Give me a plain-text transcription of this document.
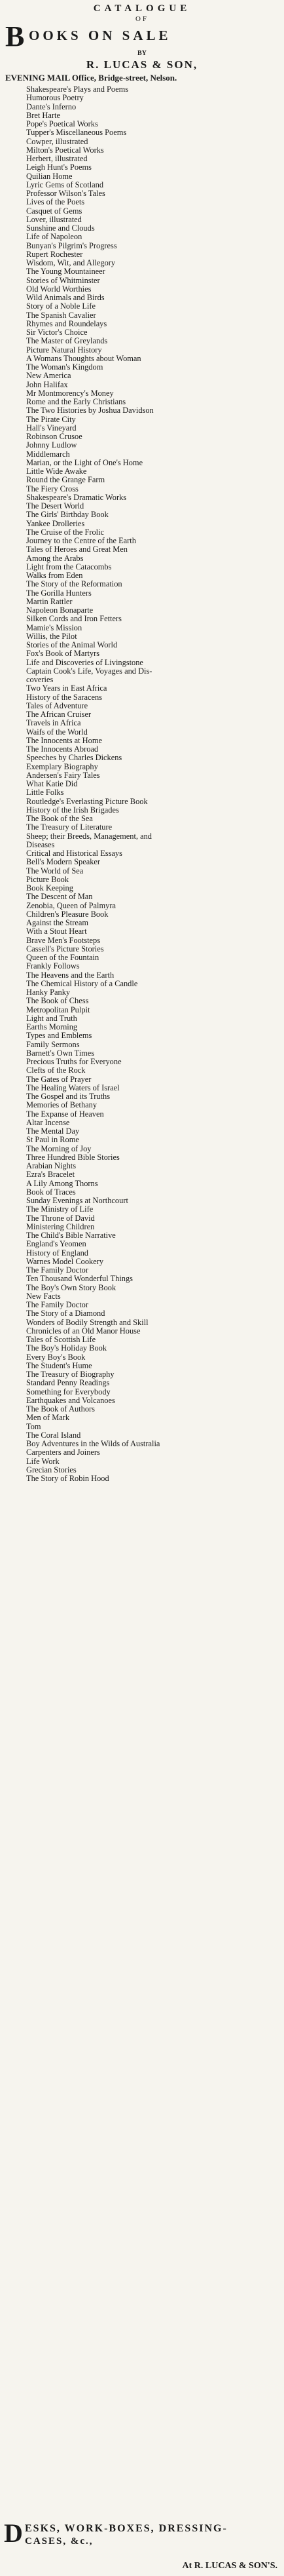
CATALOGUE
OF
B OOKS ON SALE
BY
R. LUCAS & SON,
EVENING MAIL Office, Bridge-street, Nelson.
Shakespeare's Plays and Poems
Humorous Poetry
Dante's Inferno
Bret Harte
Pope's Poetical Works
Tupper's Miscellaneous Poems
Cowper, illustrated
Milton's Poetical Works
Herbert, illustrated
Leigh Hunt's Poems
Quilian Home
Lyric Gems of Scotland
Professor Wilson's Tales
Lives of the Poets
Casquet of Gems
Lover, illustrated
Sunshine and Clouds
Life of Napoleon
Bunyan's Pilgrim's Progress
Rupert Rochester
Wisdom, Wit, and Allegory
The Young Mountaineer
Stories of Whitminster
Old World Worthies
Wild Animals and Birds
Story of a Noble Life
The Spanish Cavalier
Rhymes and Roundelays
Sir Victor's Choice
The Master of Greylands
Picture Natural History
A Womans Thoughts about Woman
The Woman's Kingdom
New America
John Halifax
Mr Montmorency's Money
Rome and the Early Christians
The Two Histories by Joshua Davidson
The Pirate City
Hall's Vineyard
Robinson Crusoe
Johnny Ludlow
Middlemarch
Marian, or the Light of One's Home
Little Wide Awake
Round the Grange Farm
The Fiery Cross
Shakespeare's Dramatic Works
The Desert World
The Girls' Birthday Book
Yankee Drolleries
The Cruise of the Frolic
Journey to the Centre of the Earth
Tales of Heroes and Great Men
Among the Arabs
Light from the Catacombs
Walks from Eden
The Story of the Reformation
The Gorilla Hunters
Martin Rattler
Napoleon Bonaparte
Silken Cords and Iron Fetters
Mamie's Mission
Willis, the Pilot
Stories of the Animal World
Fox's Book of Martyrs
Life and Discoveries of Livingstone
Captain Cook's Life, Voyages and Dis-
coveries
Two Years in East Africa
History of the Saracens
Tales of Adventure
The African Cruiser
Travels in Africa
Waifs of the World
The Innocents at Home
The Innocents Abroad
Speeches by Charles Dickens
Exemplary Biography
Andersen's Fairy Tales
What Katie Did
Little Folks
Routledge's Everlasting Picture Book
History of the Irish Brigades
The Book of the Sea
The Treasury of Literature
Sheep; their Breeds, Management, and
Diseases
Critical and Historical Essays
Bell's Modern Speaker
The World of Sea
Picture Book
Book Keeping
The Descent of Man
Zenobia, Queen of Palmyra
Children's Pleasure Book
Against the Stream
With a Stout Heart
Brave Men's Footsteps
Cassell's Picture Stories
Queen of the Fountain
Frankly Follows
The Heavens and the Earth
The Chemical History of a Candle
Hanky Panky
The Book of Chess
Metropolitan Pulpit
Light and Truth
Earths Morning
Types and Emblems
Family Sermons
Barnett's Own Times
Precious Truths for Everyone
Clefts of the Rock
The Gates of Prayer
The Healing Waters of Israel
The Gospel and its Truths
Memories of Bethany
The Expanse of Heaven
Altar Incense
The Mental Day
St Paul in Rome
The Morning of Joy
Three Hundred Bible Stories
Arabian Nights
Ezra's Bracelet
A Lily Among Thorns
Book of Traces
Sunday Evenings at Northcourt
The Ministry of Life
The Throne of David
Ministering Children
The Child's Bible Narrative
England's Yeomen
History of England
Warnes Model Cookery
The Family Doctor
Ten Thousand Wonderful Things
The Boy's Own Story Book
New Facts
The Family Doctor
The Story of a Diamond
Wonders of Bodily Strength and Skill
Chronicles of an Old Manor House
Tales of Scottish Life
The Boy's Holiday Book
Every Boy's Book
The Student's Hume
The Treasury of Biography
Standard Penny Readings
Something for Everybody
Earthquakes and Volcanoes
The Book of Authors
Men of Mark
Tom
The Coral Island
Boy Adventures in the Wilds of Australia
Carpenters and Joiners
Life Work
Grecian Stories
The Story of Robin Hood
D ESKS, WORK-BOXES, DRESSING-
CASES, &c.,
At R. LUCAS & SON'S.
